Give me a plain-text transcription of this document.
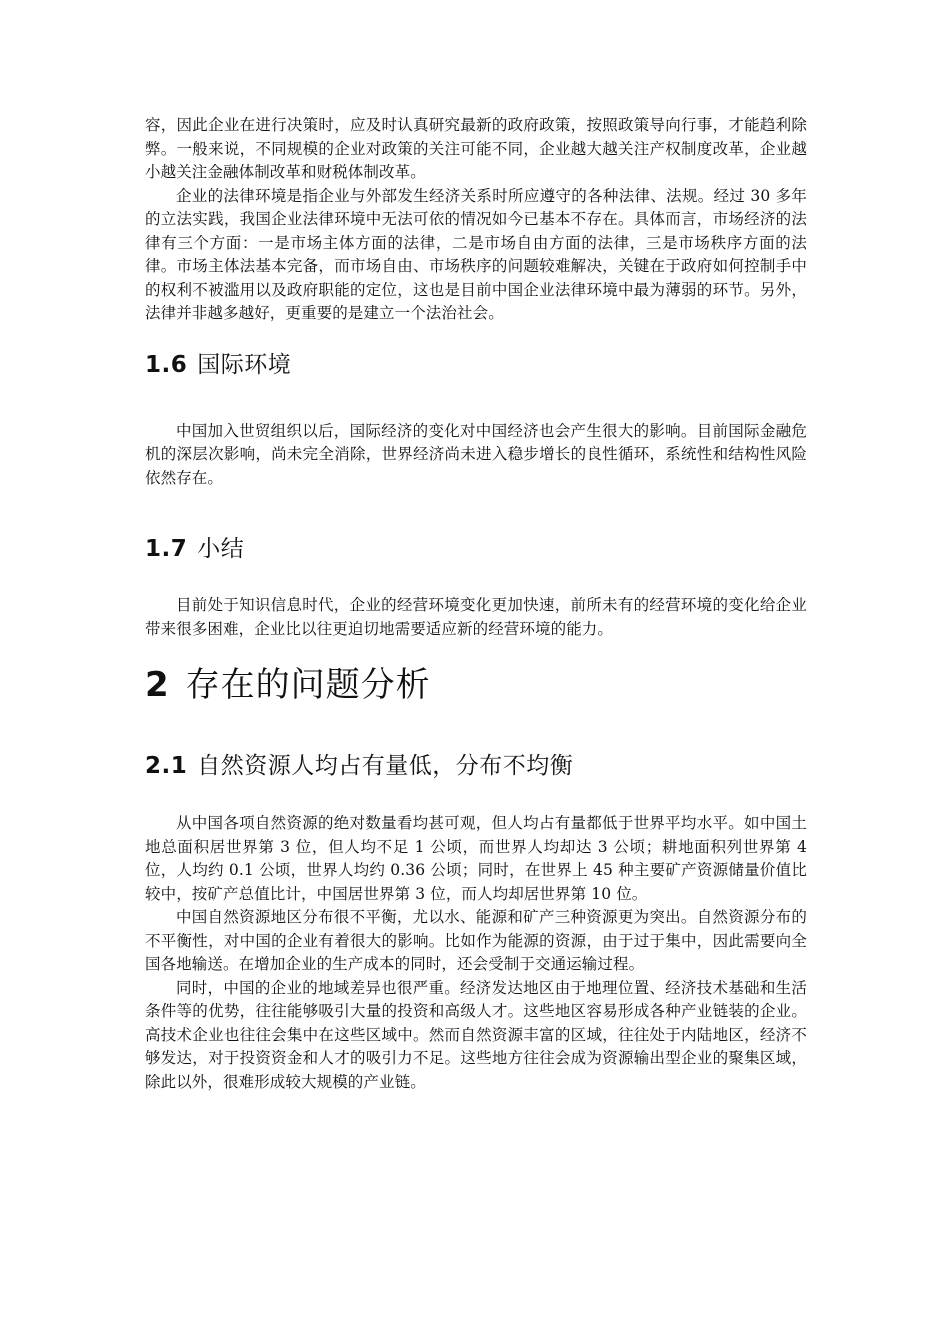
容，因此企业在进行决策时，应及时认真研究最新的政府政策，按照政策导向行事，才能趋利除弊。一般来说，不同规模的企业对政策的关注可能不同，企业越大越关注产权制度改革，企业越小越关注金融体制改革和财税体制改革。

企业的法律环境是指企业与外部发生经济关系时所应遵守的各种法律、法规。经过 30 多年的立法实践，我国企业法律环境中无法可依的情况如今已基本不存在。具体而言，市场经济的法律有三个方面：一是市场主体方面的法律，二是市场自由方面的法律，三是市场秩序方面的法律。市场主体法基本完备，而市场自由、市场秩序的问题较难解决，关键在于政府如何控制手中的权利不被滥用以及政府职能的定位，这也是目前中国企业法律环境中最为薄弱的环节。另外，法律并非越多越好，更重要的是建立一个法治社会。

1.6 国际环境

中国加入世贸组织以后，国际经济的变化对中国经济也会产生很大的影响。目前国际金融危机的深层次影响，尚未完全消除，世界经济尚未进入稳步增长的良性循环，系统性和结构性风险依然存在。

1.7 小结

目前处于知识信息时代，企业的经营环境变化更加快速，前所未有的经营环境的变化给企业带来很多困难，企业比以往更迫切地需要适应新的经营环境的能力。

2 存在的问题分析
2.1 自然资源人均占有量低，分布不均衡

从中国各项自然资源的绝对数量看均甚可观，但人均占有量都低于世界平均水平。如中国土地总面积居世界第 3 位，但人均不足 1 公顷，而世界人均却达 3 公顷；耕地面积列世界第 4 位，人均约 0.1 公顷，世界人均约 0.36 公顷；同时，在世界上 45 种主要矿产资源储量价值比较中，按矿产总值比计，中国居世界第 3 位，而人均却居世界第 10 位。

中国自然资源地区分布很不平衡，尤以水、能源和矿产三种资源更为突出。自然资源分布的不平衡性，对中国的企业有着很大的影响。比如作为能源的资源，由于过于集中，因此需要向全国各地输送。在增加企业的生产成本的同时，还会受制于交通运输过程。

同时，中国的企业的地域差异也很严重。经济发达地区由于地理位置、经济技术基础和生活条件等的优势，往往能够吸引大量的投资和高级人才。这些地区容易形成各种产业链装的企业。高技术企业也往往会集中在这些区域中。然而自然资源丰富的区域，往往处于内陆地区，经济不够发达，对于投资资金和人才的吸引力不足。这些地方往往会成为资源输出型企业的聚集区域，除此以外，很难形成较大规模的产业链。
